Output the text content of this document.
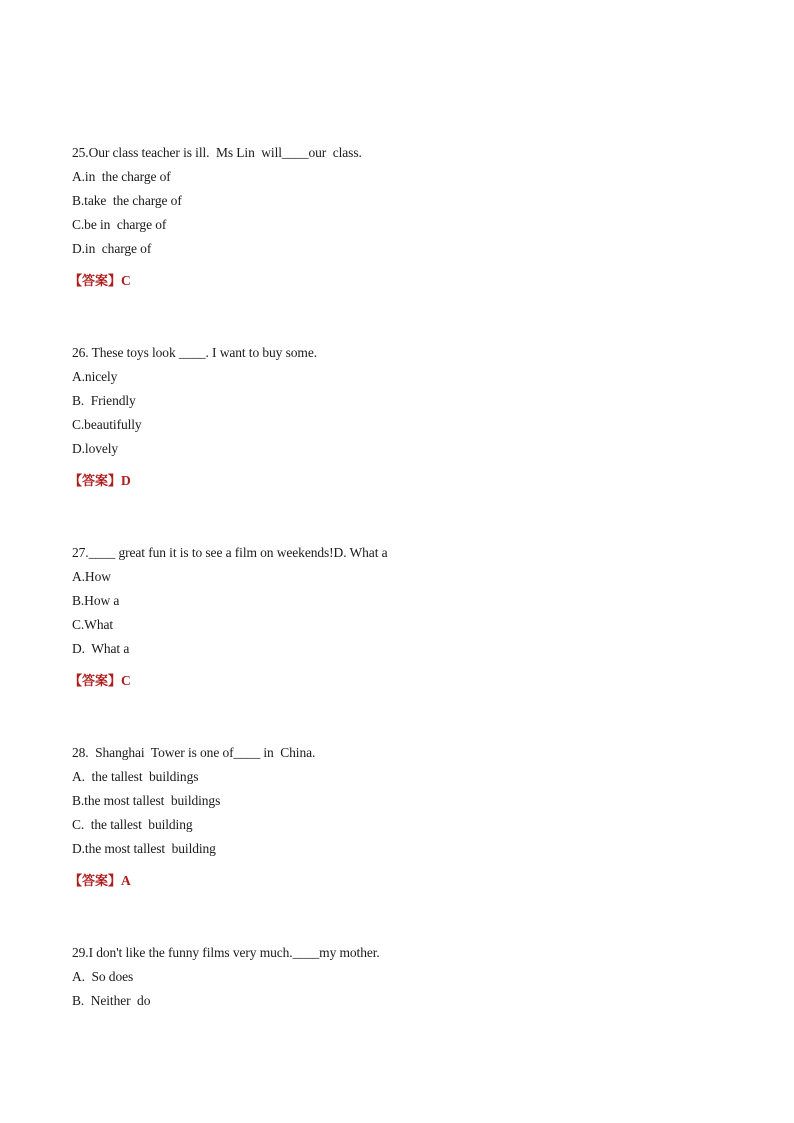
25.Our class teacher is ill.  Ms Lin  will____our  class.
A.in  the charge of
B.take  the charge of
C.be in  charge of
D.in  charge of
【答案】C
26. These toys look ____. I want to buy some.
A.nicely
B.  Friendly
C.beautifully
D.lovely
【答案】D
27.____ great fun it is to see a film on weekends!D. What a
A.How
B.How a
C.What
D.  What a
【答案】C
28.  Shanghai  Tower is one of____ in  China.
A.  the tallest  buildings
B.the most tallest  buildings
C.  the tallest  building
D.the most tallest  building
【答案】A
29.I don't like the funny films very much.____my mother.
A.  So does
B.  Neither  do
